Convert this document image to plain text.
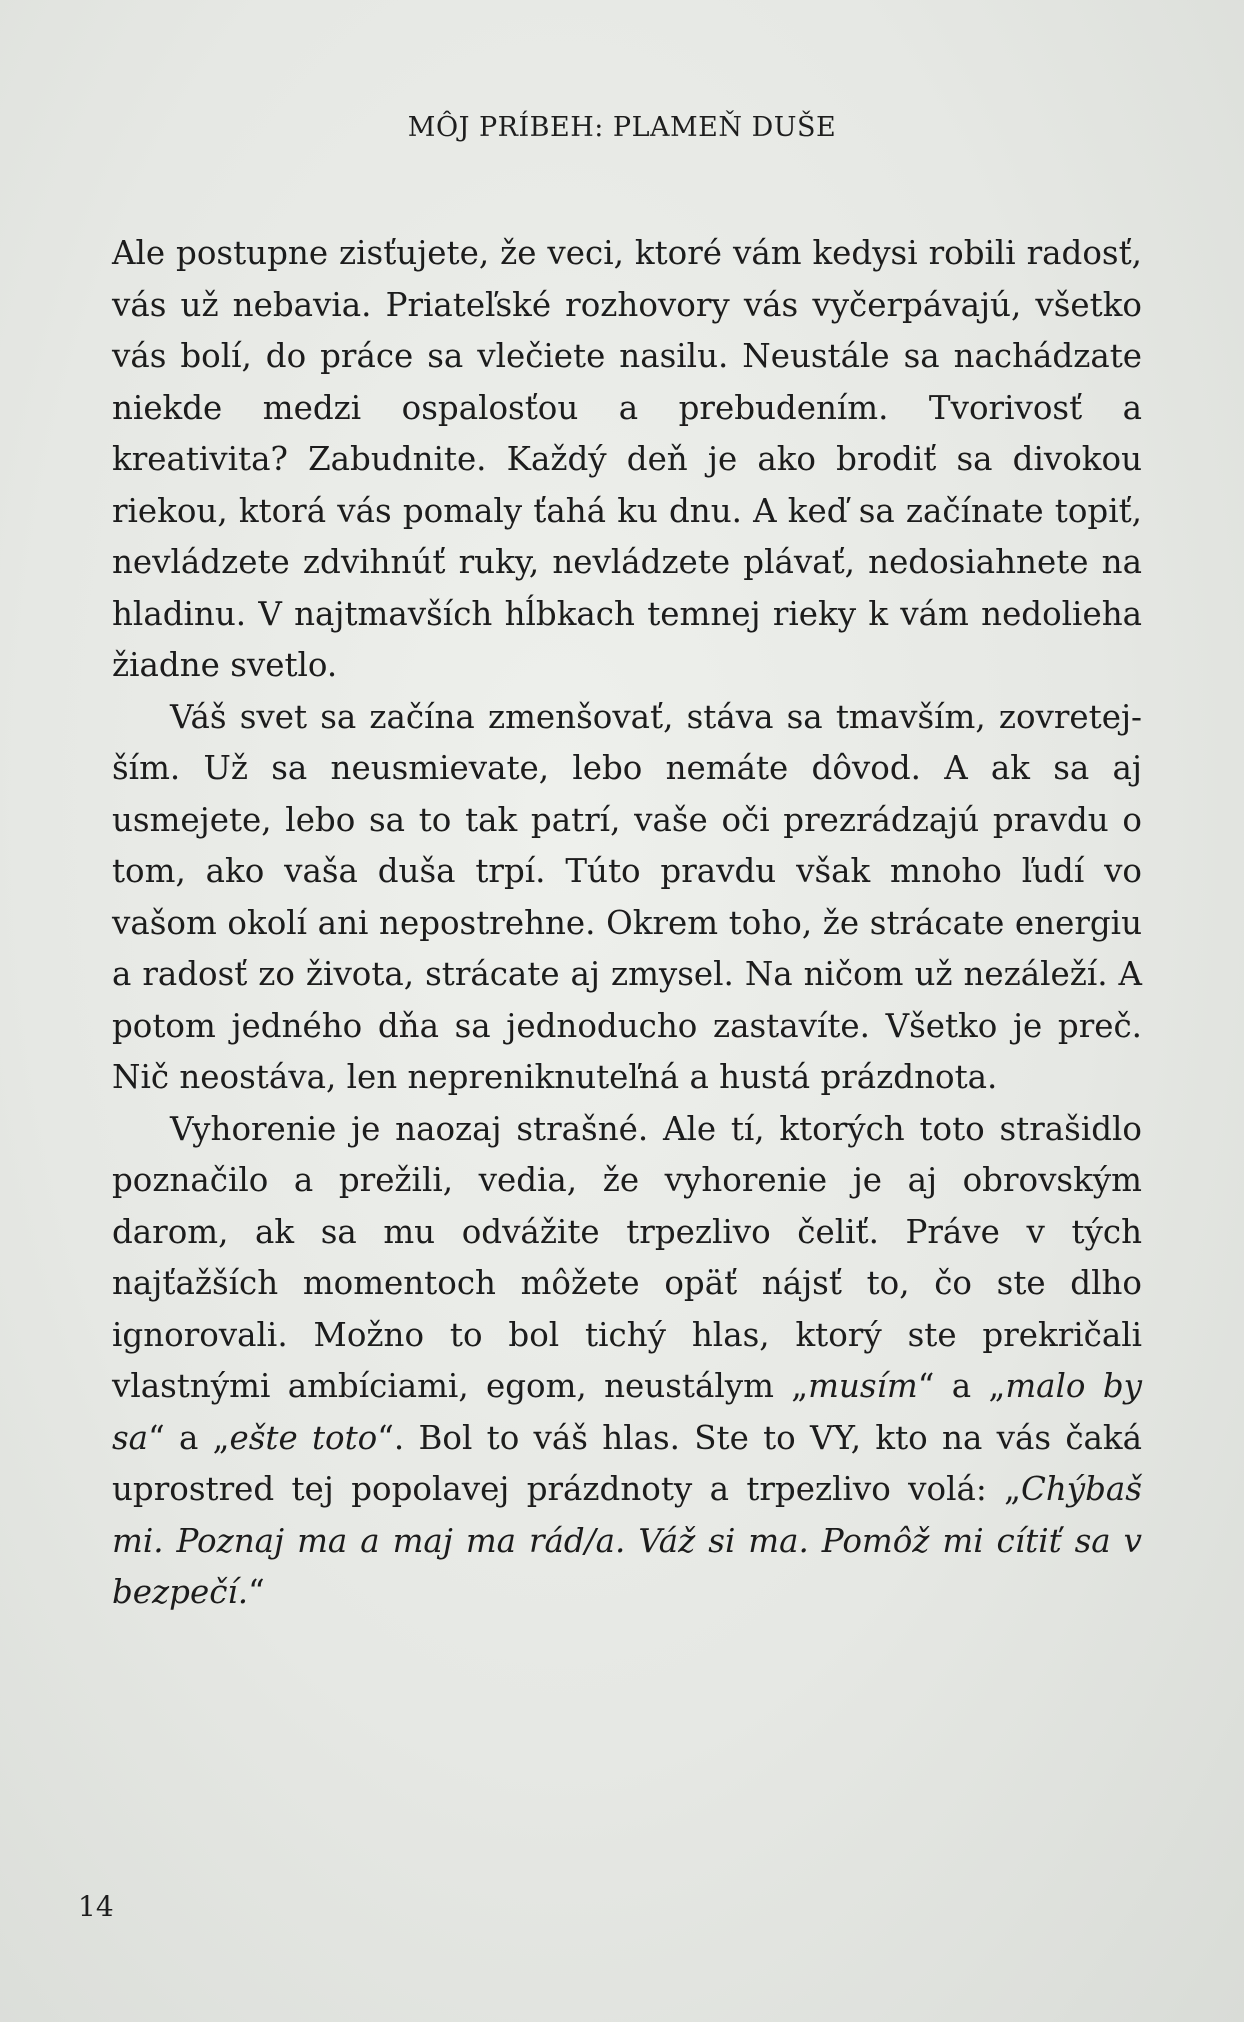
MÔJ PRÍBEH: PLAMEŇ DUŠE

Ale postupne zisťujete, že veci, ktoré vám kedysi robili radosť, vás už nebavia. Priateľské rozhovory vás vyčerpávajú, všetko vás bolí, do práce sa vlečiete nasilu. Neustále sa nachádzate niekde medzi ospalosťou a prebudením. Tvorivosť a kreativita? Zabudnite. Každý deň je ako brodiť sa divokou riekou, ktorá vás pomaly ťahá ku dnu. A keď sa začínate topiť, nevládzete zdvihnúť ruky, nevládzete plávať, nedosiahnete na hladinu. V najtmavších hĺbkach temnej rieky k vám nedolieha žiadne svetlo.

Váš svet sa začína zmenšovať, stáva sa tmavším, zovretejším. Už sa neusmievate, lebo nemáte dôvod. A ak sa aj usmejete, lebo sa to tak patrí, vaše oči prezrádzajú pravdu o tom, ako vaša duša trpí. Túto pravdu však mnoho ľudí vo vašom okolí ani nepostrehne. Okrem toho, že strácate energiu a radosť zo života, strácate aj zmysel. Na ničom už nezáleží. A potom jedného dňa sa jednoducho zastavíte. Všetko je preč. Nič neostáva, len nepreniknuteľná a hustá prázdnota.

Vyhorenie je naozaj strašné. Ale tí, ktorých toto strašidlo poznačilo a prežili, vedia, že vyhorenie je aj obrovským darom, ak sa mu odvážite trpezlivo čeliť. Práve v tých najťažších momentoch môžete opäť nájsť to, čo ste dlho ignorovali. Možno to bol tichý hlas, ktorý ste prekričali vlastnými ambíciami, egom, neustálym „musím“ a „malo by sa“ a „ešte toto“. Bol to váš hlas. Ste to VY, kto na vás čaká uprostred tej popolavej prázdnoty a trpezlivo volá: „Chýbaš mi. Poznaj ma a maj ma rád/a. Váž si ma. Pomôž mi cítiť sa v bezpečí.“

14
